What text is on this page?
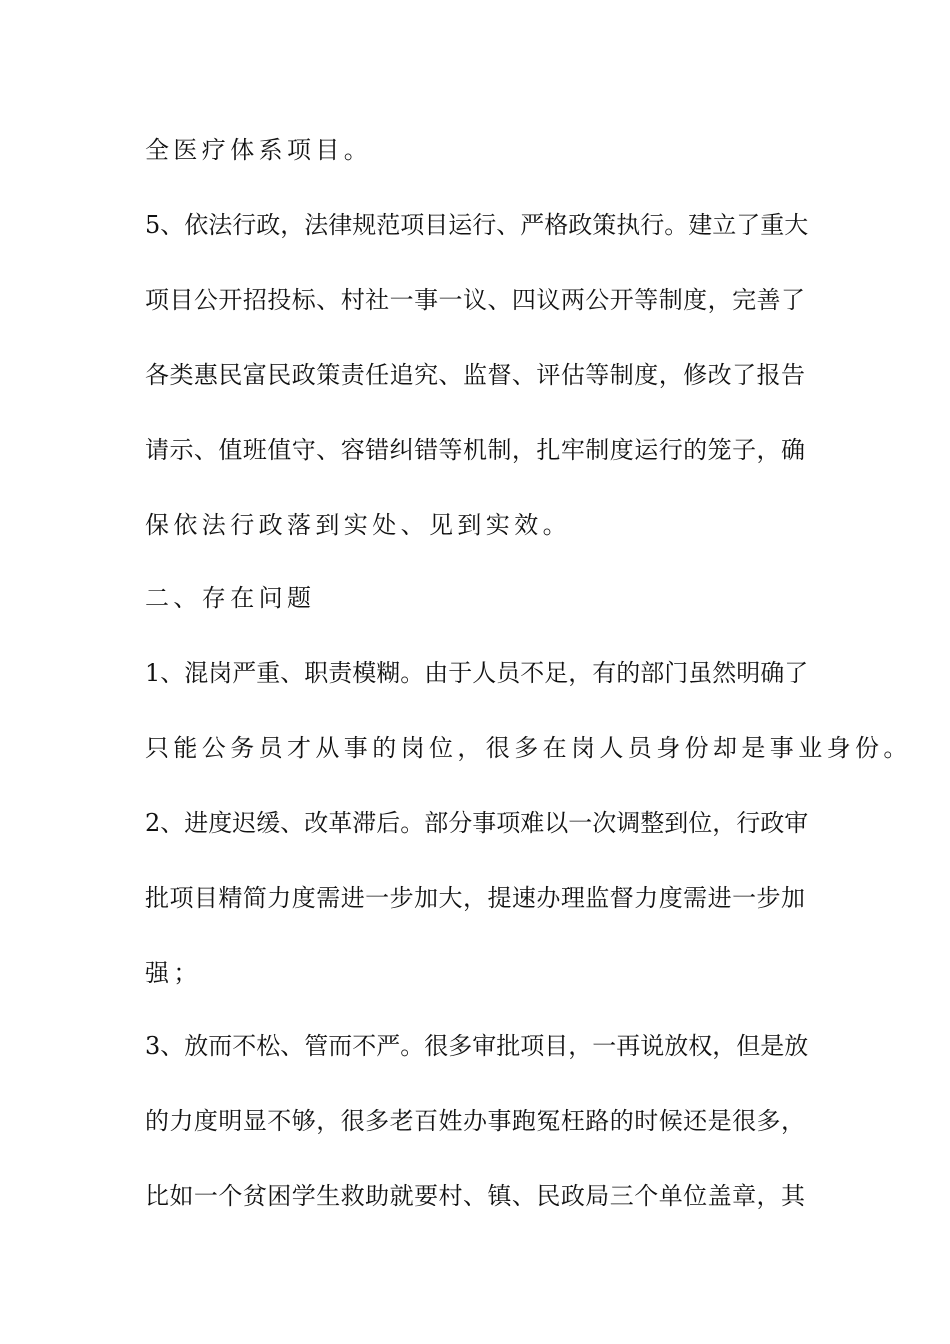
全医疗体系项目。
5、依法行政，法律规范项目运行、严格政策执行。建立了重大
项目公开招投标、村社一事一议、四议两公开等制度，完善了
各类惠民富民政策责任追究、监督、评估等制度，修改了报告
请示、值班值守、容错纠错等机制，扎牢制度运行的笼子，确
保依法行政落到实处、见到实效。
二、存在问题
1、混岗严重、职责模糊。由于人员不足，有的部门虽然明确了
只能公务员才从事的岗位，很多在岗人员身份却是事业身份。
2、进度迟缓、改革滞后。部分事项难以一次调整到位，行政审
批项目精简力度需进一步加大，提速办理监督力度需进一步加
强；
3、放而不松、管而不严。很多审批项目，一再说放权，但是放
的力度明显不够，很多老百姓办事跑冤枉路的时候还是很多，
比如一个贫困学生救助就要村、镇、民政局三个单位盖章，其
